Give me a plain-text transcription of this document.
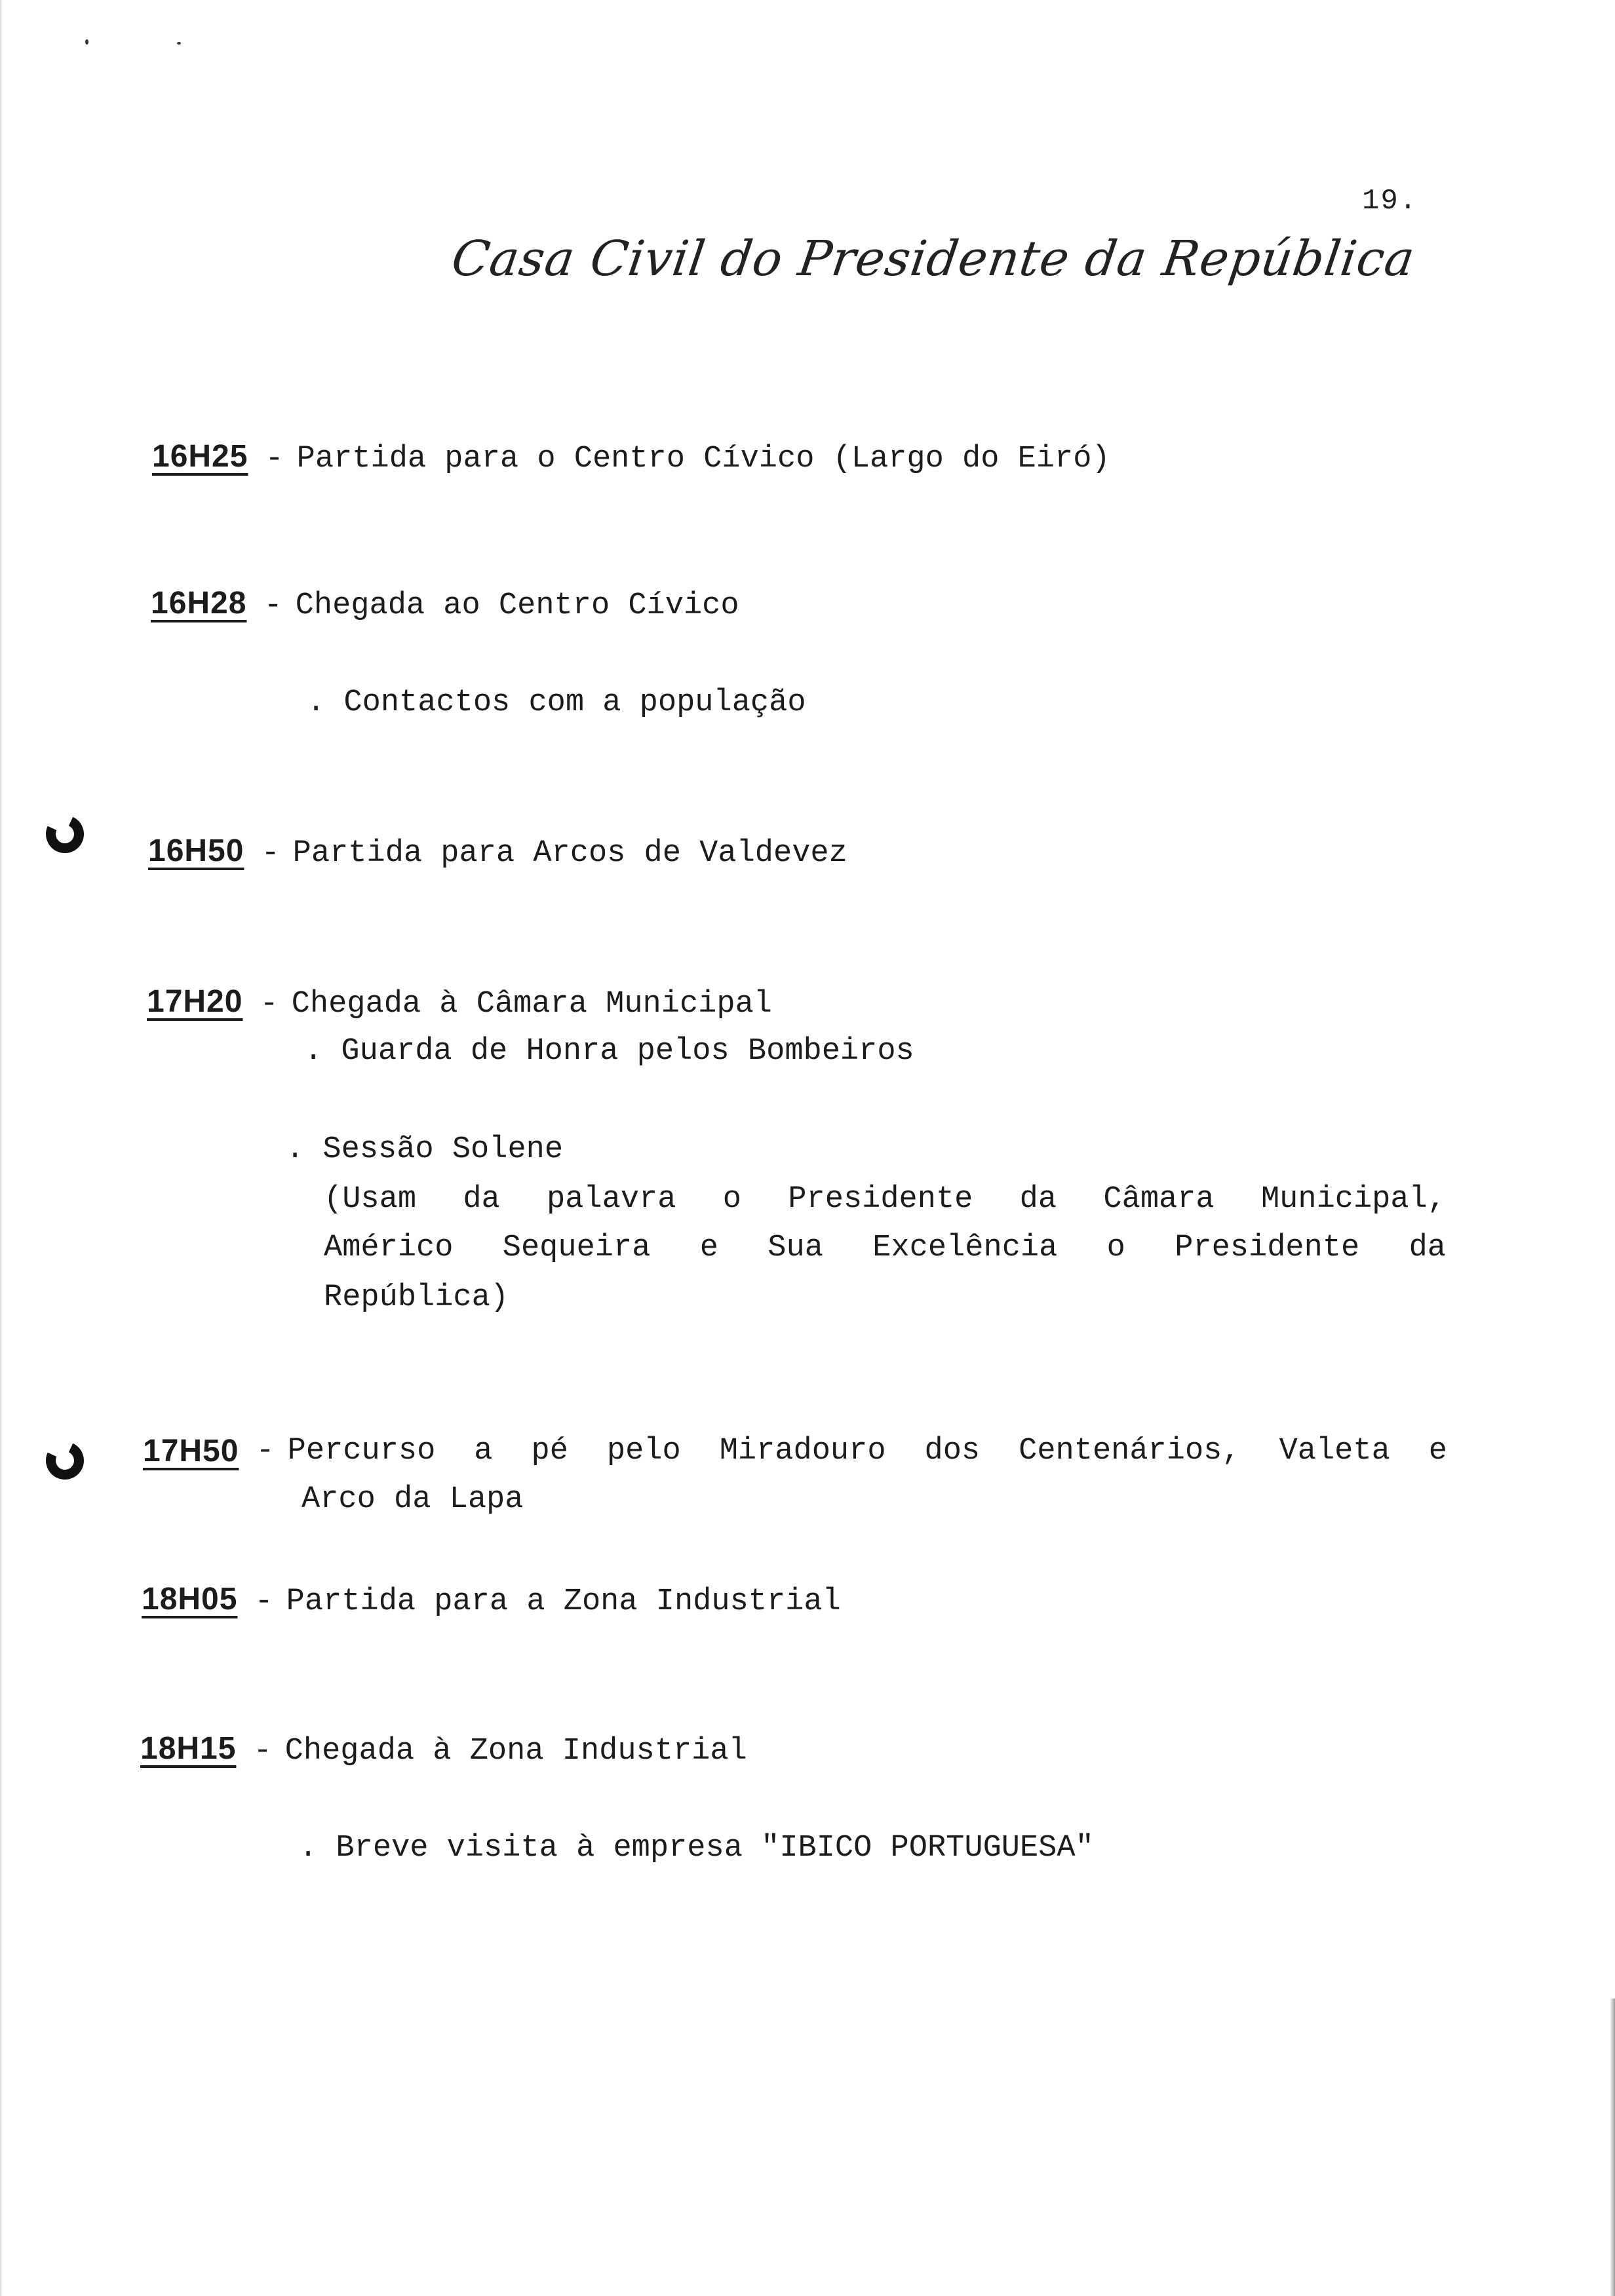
19.
Casa Civil do Presidente da República
16H25 - Partida para o Centro Cívico (Largo do Eiró)
16H28 - Chegada ao Centro Cívico
. Contactos com a população
16H50 - Partida para Arcos de Valdevez
17H20 - Chegada à Câmara Municipal
. Guarda de Honra pelos Bombeiros
. Sessão Solene
(Usam da palavra o Presidente da Câmara Municipal,
Américo Sequeira e Sua Excelência o Presidente da
República)
17H50 - Percurso a pé pelo Miradouro dos Centenários, Valeta e
Arco da Lapa
18H05 - Partida para a Zona Industrial
18H15 - Chegada à Zona Industrial
. Breve visita à empresa "IBICO PORTUGUESA"
